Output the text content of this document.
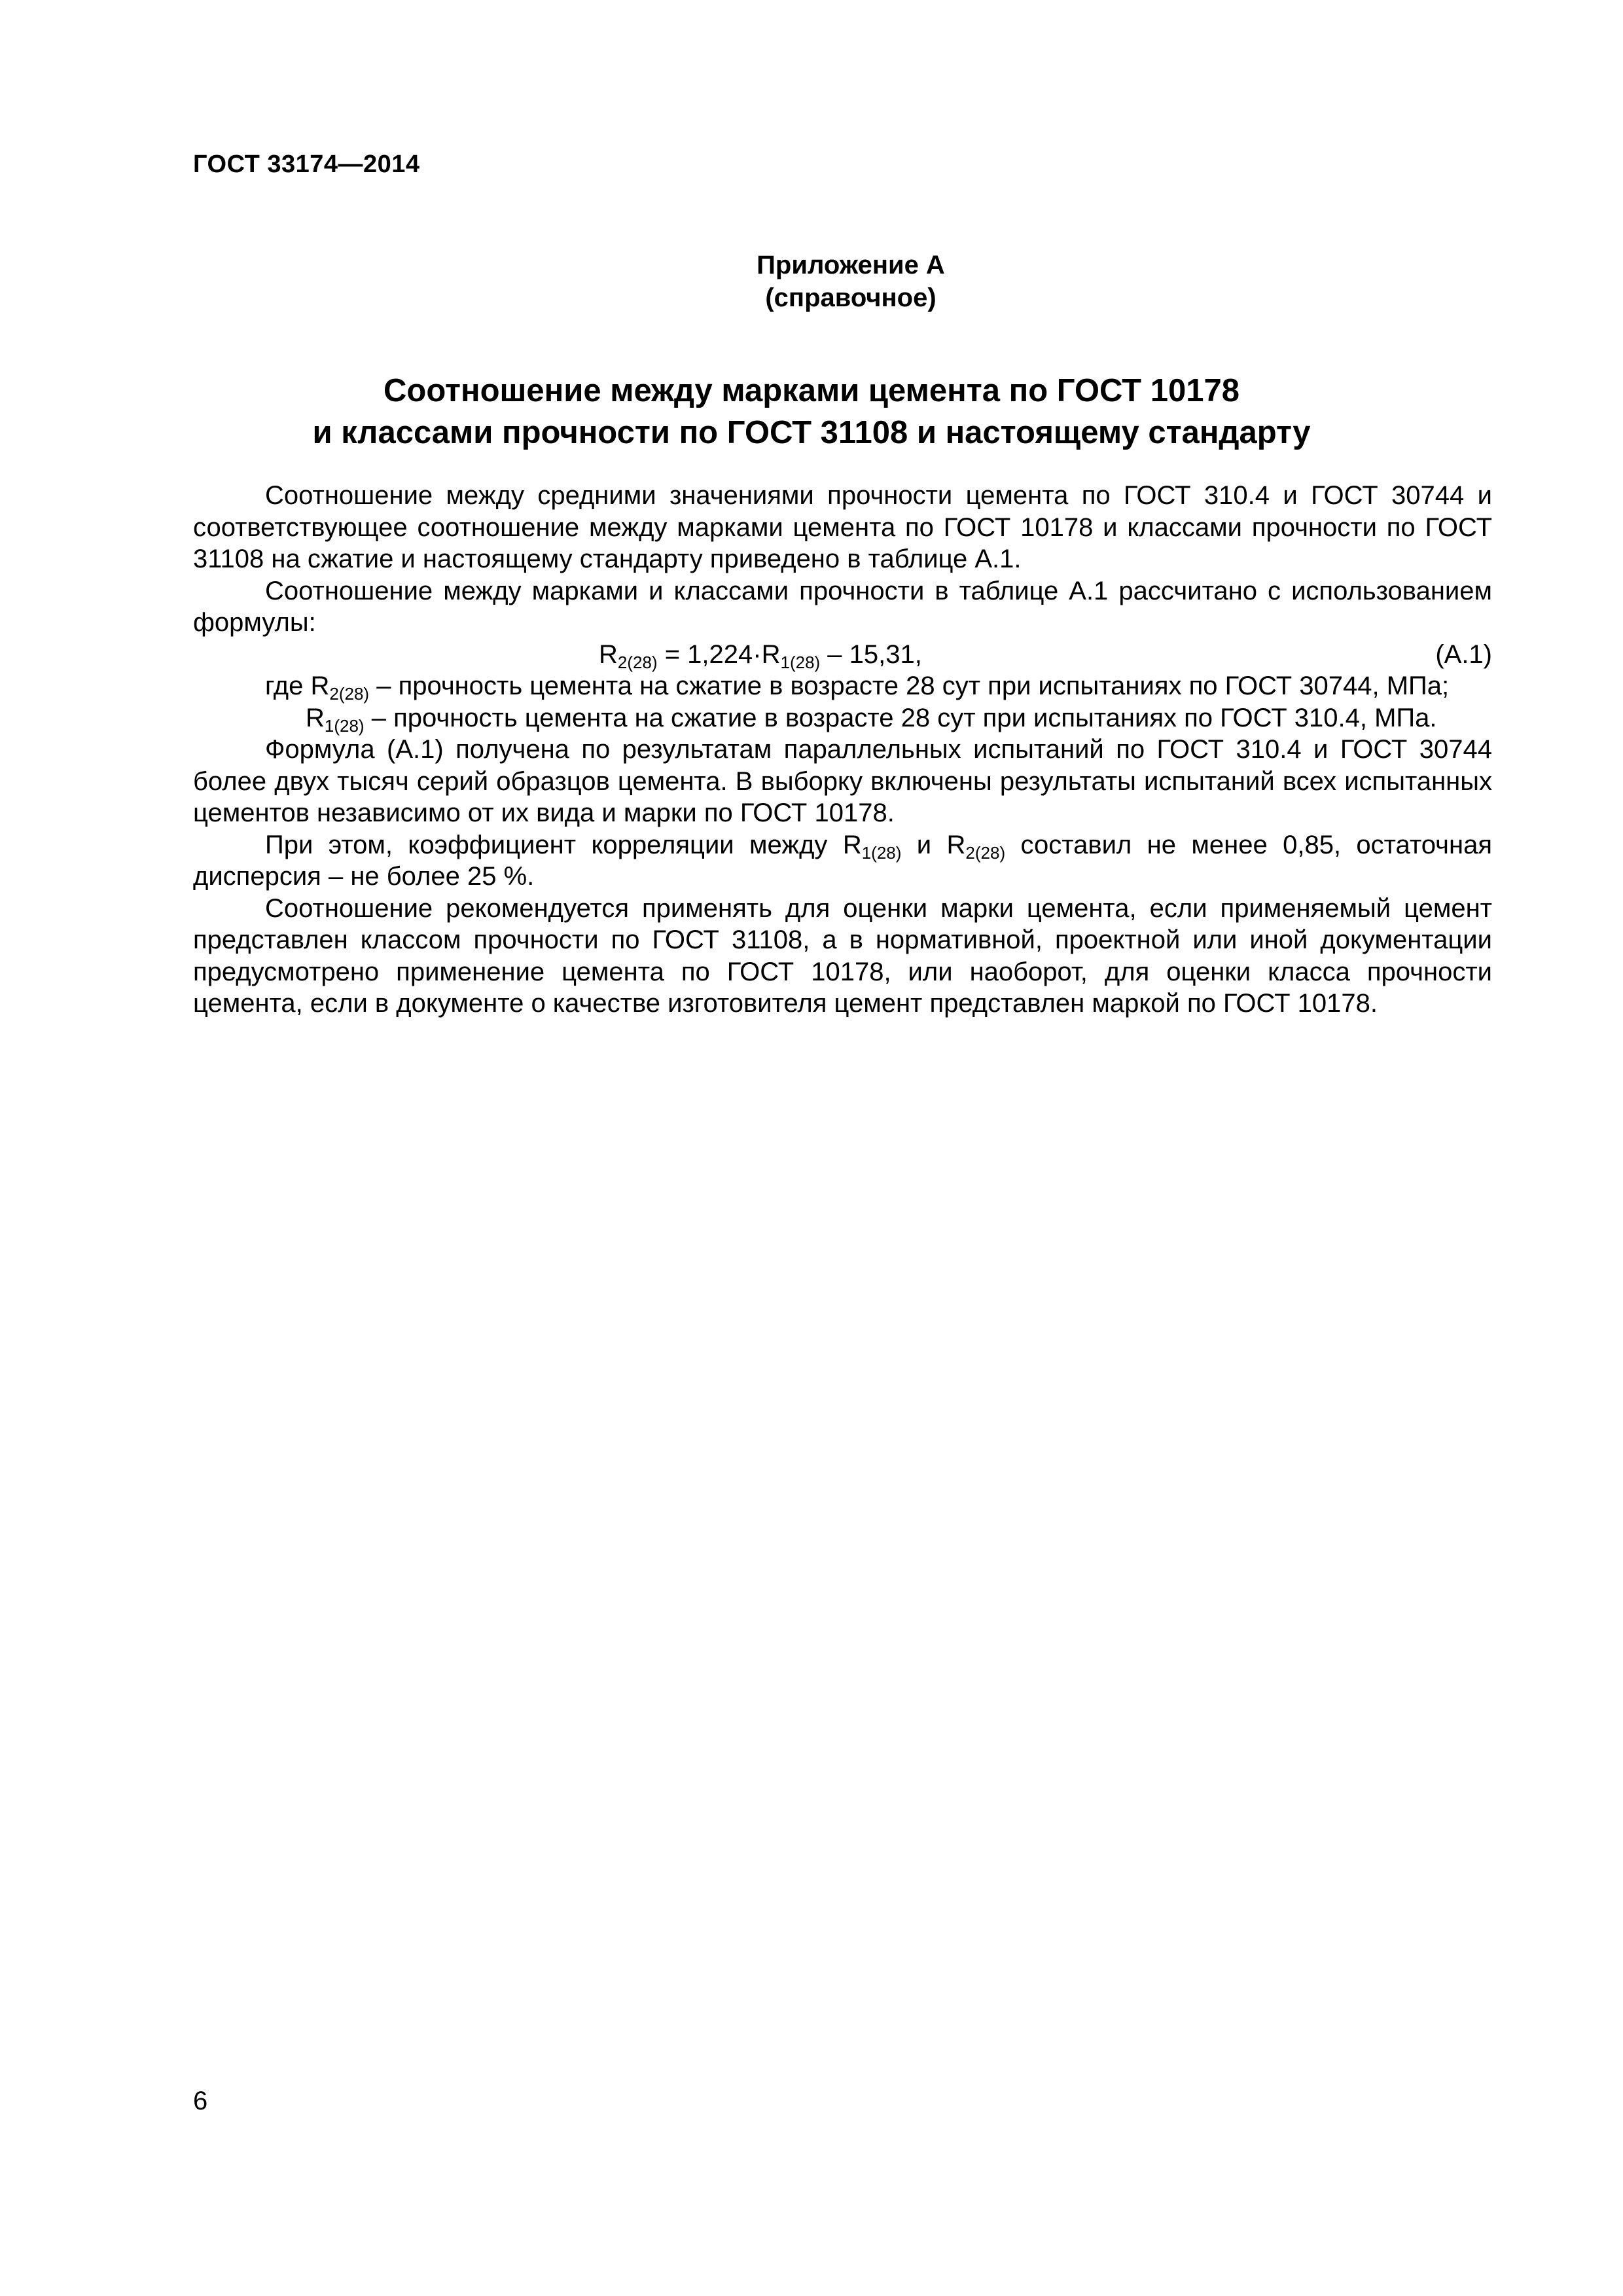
ГОСТ 33174—2014
Приложение А
(справочное)
Соотношение между марками цемента по ГОСТ 10178
и классами прочности по ГОСТ 31108 и настоящему стандарту

Соотношение между средними значениями прочности цемента по ГОСТ 310.4 и ГОСТ 30744 и соответствующее соотношение между марками цемента по ГОСТ 10178 и классами прочности по ГОСТ 31108 на сжатие и настоящему стандарту приведено в таблице А.1.

Соотношение между марками и классами прочности в таблице А.1 рассчитано с использованием формулы:

$R_{2(28)} = 1,224\cdot R_{1(28)} - 15,31$,	(А.1)
где $R_{2(28)}$ – прочность цемента на сжатие в возрасте 28 сут при испытаниях по ГОСТ 30744, МПа;
$R_{1(28)}$ – прочность цемента на сжатие в возрасте 28 сут при испытаниях по ГОСТ 310.4, МПа.

Формула (А.1) получена по результатам параллельных испытаний по ГОСТ 310.4 и ГОСТ 30744 более двух тысяч серий образцов цемента. В выборку включены результаты испытаний всех испытанных цементов независимо от их вида и марки по ГОСТ 10178.

При этом, коэффициент корреляции между $R_{1(28)}$ и $R_{2(28)}$ составил не менее 0,85, остаточная дисперсия – не более 25 %.

Соотношение рекомендуется применять для оценки марки цемента, если применяемый цемент представлен классом прочности по ГОСТ 31108, а в нормативной, проектной или иной документации предусмотрено применение цемента по ГОСТ 10178, или наоборот, для оценки класса прочности цемента, если в документе о качестве изготовителя цемент представлен маркой по ГОСТ 10178.

6
